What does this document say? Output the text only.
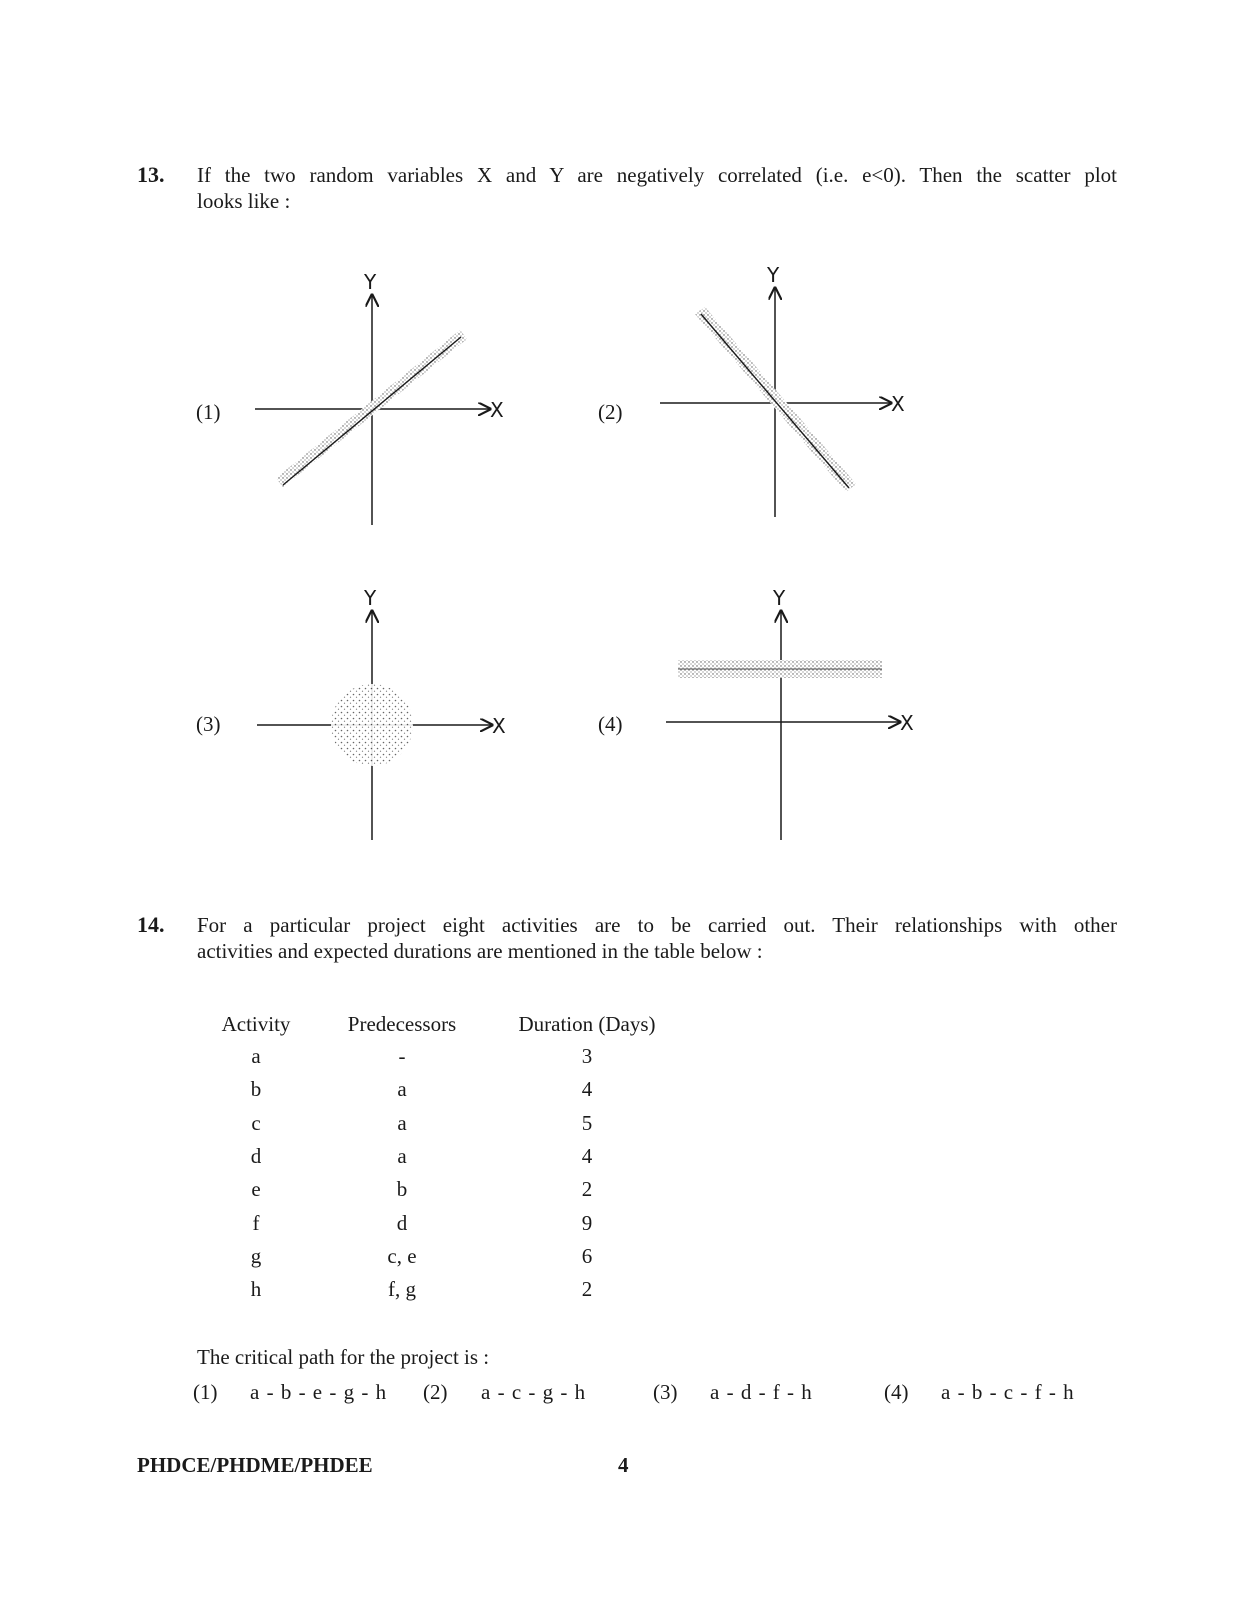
13. If the two random variables X and Y are negatively correlated (i.e. e<0). Then the scatter plot
looks like :
(1)
Y
X	(2)
Y
X
(3)
Y
X	(4)
Y
X
14. For a particular project eight activities are to be carried out. Their relationships with other
activities and expected durations are mentioned in the table below :
Activity	Predecessors	Duration (Days)
a	-	3
b	a	4
c	a	5
d	a	4
e	b	2
f	d	9
g	c, e	6
h	f, g	2
The critical path for the project is :
(1) a - b - e - g - h (2) a - c - g - h	(3) a - d - f - h	(4) a - b - c - f - h
PHDCE/PHDME/PHDEE	4
